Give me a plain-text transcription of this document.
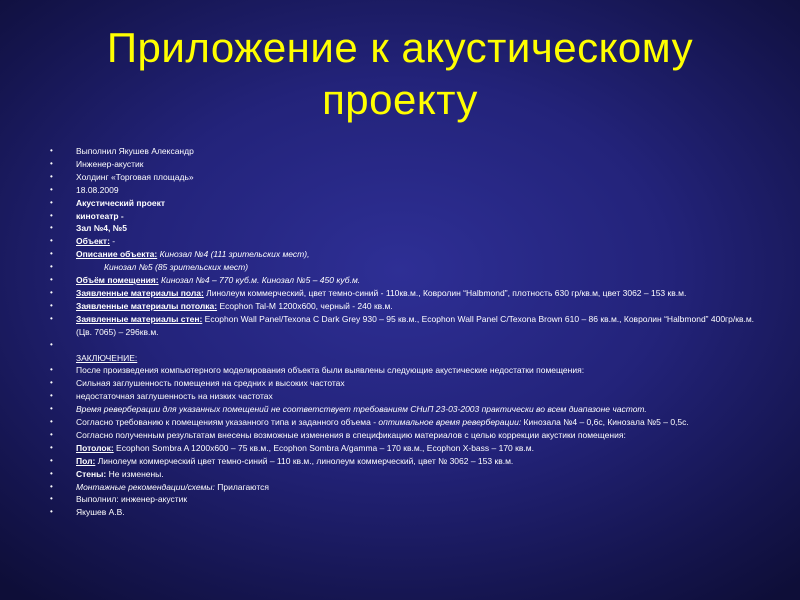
Приложение к акустическому
проекту
•	Выполнил Якушев Александр
•	Инженер-акустик
•	Холдинг «Торговая площадь»
•	18.08.2009
•	Акустический проект
•	кинотеатр -
•	Зал №4, №5
•	Объект: -
•	Описание объекта: Кинозал №4 (111 зрительских мест),
•	Кинозал №5 (85 зрительских мест)
•	Объём помещения: Кинозал №4 – 770 куб.м. Кинозал №5 – 450 куб.м.
•	Заявленные материалы пола: Линолеум коммерческий, цвет темно-синий - 110кв.м., Ковролин “Halbmond”, плотность 630 гр/кв.м, цвет 3062 – 153 кв.м.
•	Заявленные материалы потолка: Ecophon Tal-M 1200x600, черный - 240 кв.м.
•	Заявленные материалы стен: Ecophon Wall Panel/Texona C Dark Grey 930 – 95 кв.м., Ecophon Wall Panel C/Texona Brown 610 – 86 кв.м., Ковролин “Halbmond” 400гр/кв.м.(Цв. 7065) – 296кв.м.
•

ЗАКЛЮЧЕНИЕ:
•	После произведения компьютерного моделирования объекта были выявлены следующие акустические недостатки помещения:
•	Сильная заглушенность помещения на средних и высоких частотах
•	недостаточная заглушенность на низких частотах
•	Время реверберации для указанных помещений не соответствует требованиям СНиП 23-03-2003 практически во всем диапазоне частот.
•	Согласно требованию к помещениям указанного типа и заданного объема - оптимальное время реверберации: Кинозала №4 – 0,6с, Кинозала №5 – 0,5с.
•	Согласно полученным результатам внесены возможные изменения в спецификацию материалов с целью коррекции акустики помещения:
•	Потолок: Ecophon Sombra A 1200x600 – 75 кв.м., Ecophon Sombra A/gamma – 170 кв.м., Ecophon X-bass – 170 кв.м.
•	Пол: Линолеум коммерческий цвет темно-синий – 110 кв.м., линолеум коммерческий, цвет № 3062 – 153 кв.м.
•	Стены: Не изменены.
•	Монтажные рекомендации/схемы: Прилагаются
•	Выполнил: инженер-акустик
•	Якушев А.В.
